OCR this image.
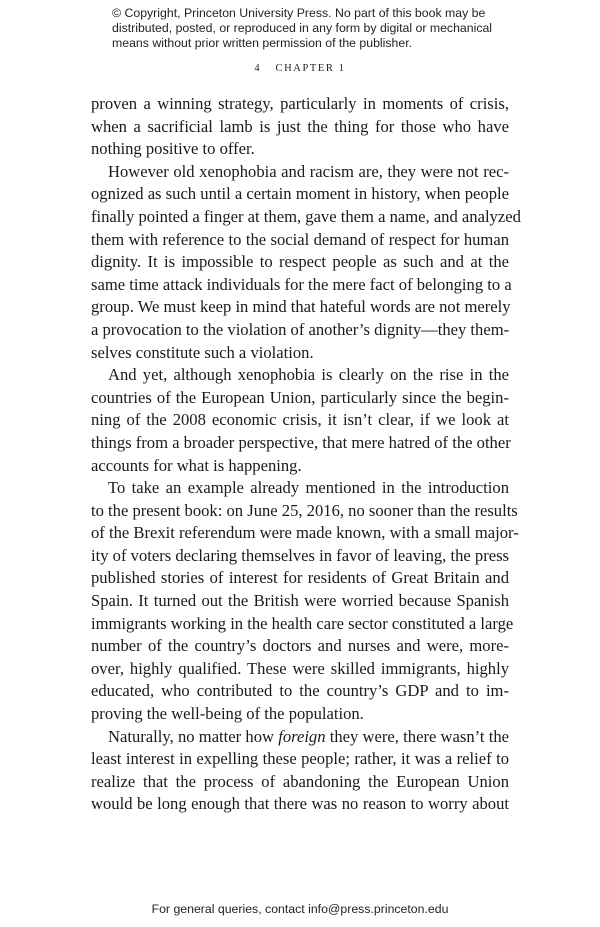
© Copyright, Princeton University Press. No part of this book may be
distributed, posted, or reproduced in any form by digital or mechanical
means without prior written permission of the publisher.
4 CHAPTER 1
proven a winning strategy, particularly in moments of crisis,
when a sacrificial lamb is just the thing for those who have
nothing positive to offer.
However old xenophobia and racism are, they were not rec-
ognized as such until a certain moment in history, when people
finally pointed a finger at them, gave them a name, and analyzed
them with reference to the social demand of respect for human
dignity. It is impossible to respect people as such and at the
same time attack individuals for the mere fact of belonging to a
group. We must keep in mind that hateful words are not merely
a provocation to the violation of another’s dignity—they them-
selves constitute such a violation.
And yet, although xenophobia is clearly on the rise in the
countries of the European Union, particularly since the begin-
ning of the 2008 economic crisis, it isn’t clear, if we look at
things from a broader perspective, that mere hatred of the other
accounts for what is happening.
To take an example already mentioned in the introduction
to the present book: on June 25, 2016, no sooner than the results
of the Brexit referendum were made known, with a small major-
ity of voters declaring themselves in favor of leaving, the press
published stories of interest for residents of Great Britain and
Spain. It turned out the British were worried because Spanish
immigrants working in the health care sector constituted a large
number of the country’s doctors and nurses and were, more-
over, highly qualified. These were skilled immigrants, highly
educated, who contributed to the country’s GDP and to im-
proving the well-being of the population.
Naturally, no matter how foreign they were, there wasn’t the
least interest in expelling these people; rather, it was a relief to
realize that the process of abandoning the European Union
would be long enough that there was no reason to worry about
For general queries, contact info@press.princeton.edu
